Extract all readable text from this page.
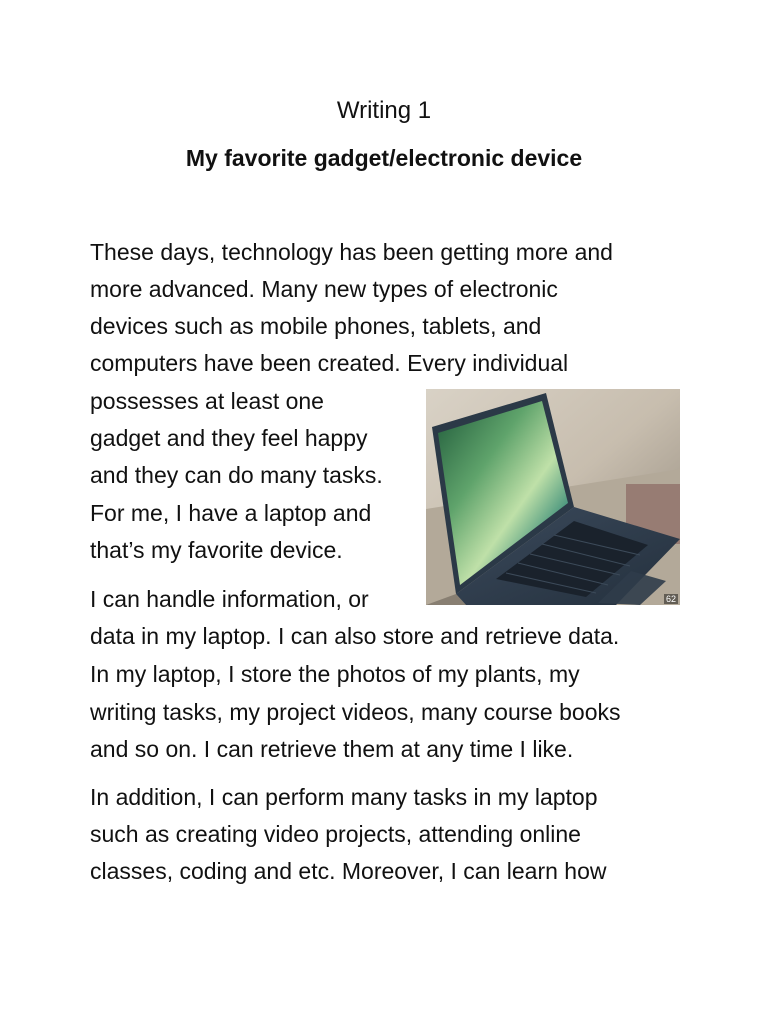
Writing 1
My favorite gadget/electronic device
These days, technology has been getting more and
more advanced. Many new types of electronic
devices such as mobile phones, tablets, and
computers have been created. Every individual
possesses at least one
gadget and they feel happy
and they can do many tasks.
For me, I have a laptop and
that’s my favorite device.
62
I can handle information, or
data in my laptop. I can also store and retrieve data.
In my laptop, I store the photos of my plants, my
writing tasks, my project videos, many course books
and so on. I can retrieve them at any time I like.
In addition, I can perform many tasks in my laptop
such as creating video projects, attending online
classes, coding and etc. Moreover, I can learn how
